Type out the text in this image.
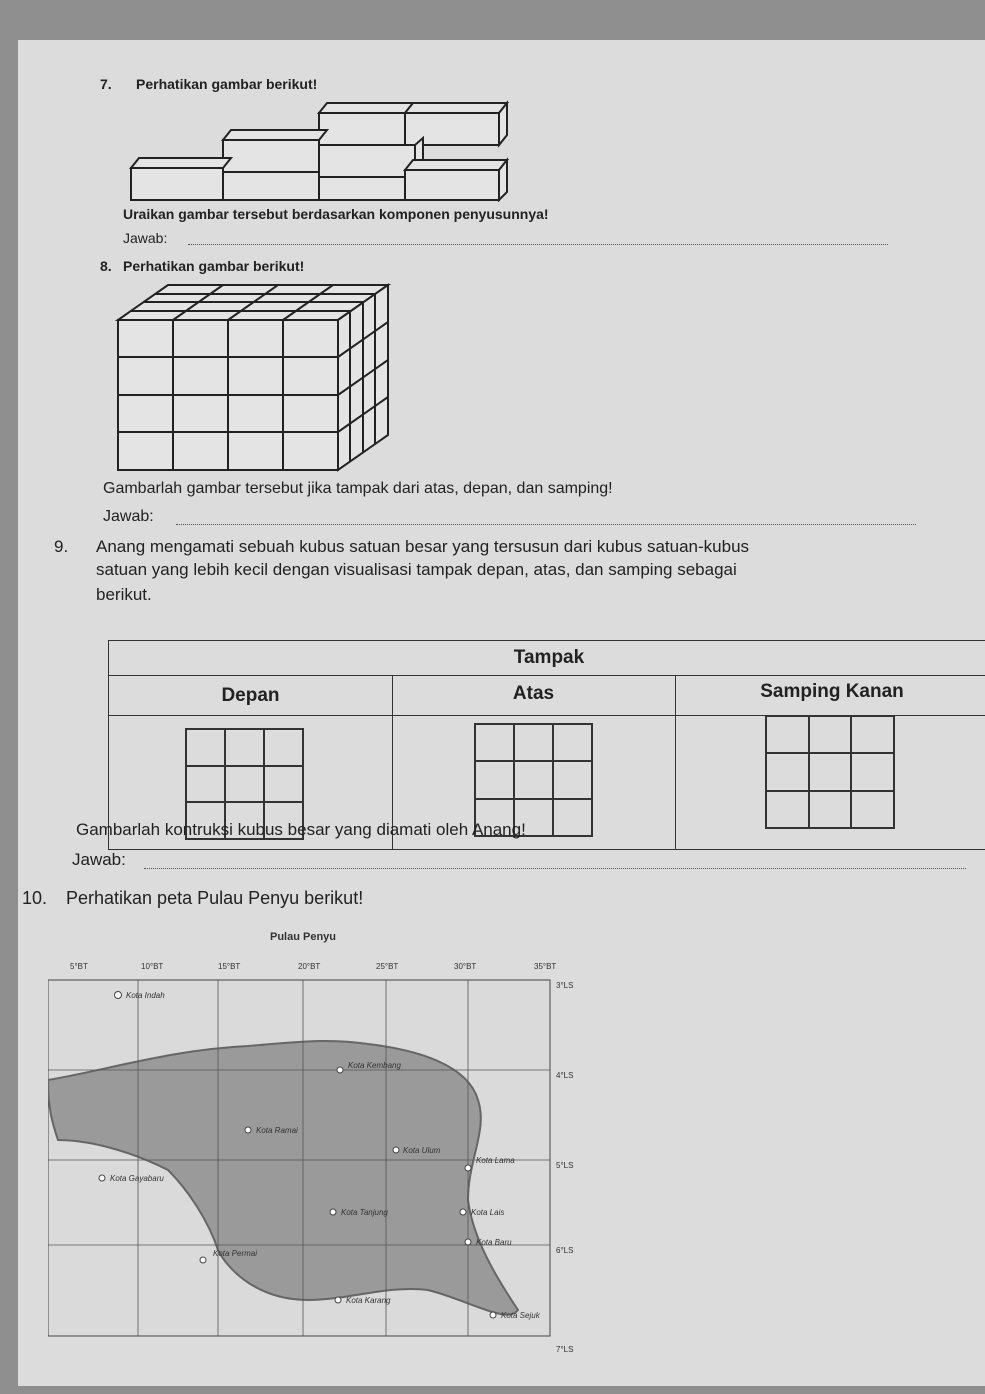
7. Perhatikan gambar berikut!
Uraikan gambar tersebut berdasarkan komponen penyusunnya!
Jawab:
8. Perhatikan gambar berikut!
Gambarlah gambar tersebut jika tampak dari atas, depan, dan samping!
Jawab:
9. Anang mengamati sebuah kubus satuan besar yang tersusun dari kubus satuan-kubus
satuan yang lebih kecil dengan visualisasi tampak depan, atas, dan samping sebagai
berikut.
Tampak
Depan	Atas	Samping Kanan
Gambarlah kontruksi kubus besar yang diamati oleh Anang!
Jawab:
10. Perhatikan peta Pulau Penyu berikut!
Pulau Penyu
5°BT	10°BT	15°BT	20°BT	25°BT	30°BT	35°BT
3°LS
4°LS
5°LS
6°LS
7°LS
Kota Indah
Kota Kembang
Kota Ramai
Kota Ulum
Kota Lama
Kota Gayabaru
Kota Tanjung	Kota Lais
Kota Permai
Kota Baru
Kota Karang
Kota Sejuk
